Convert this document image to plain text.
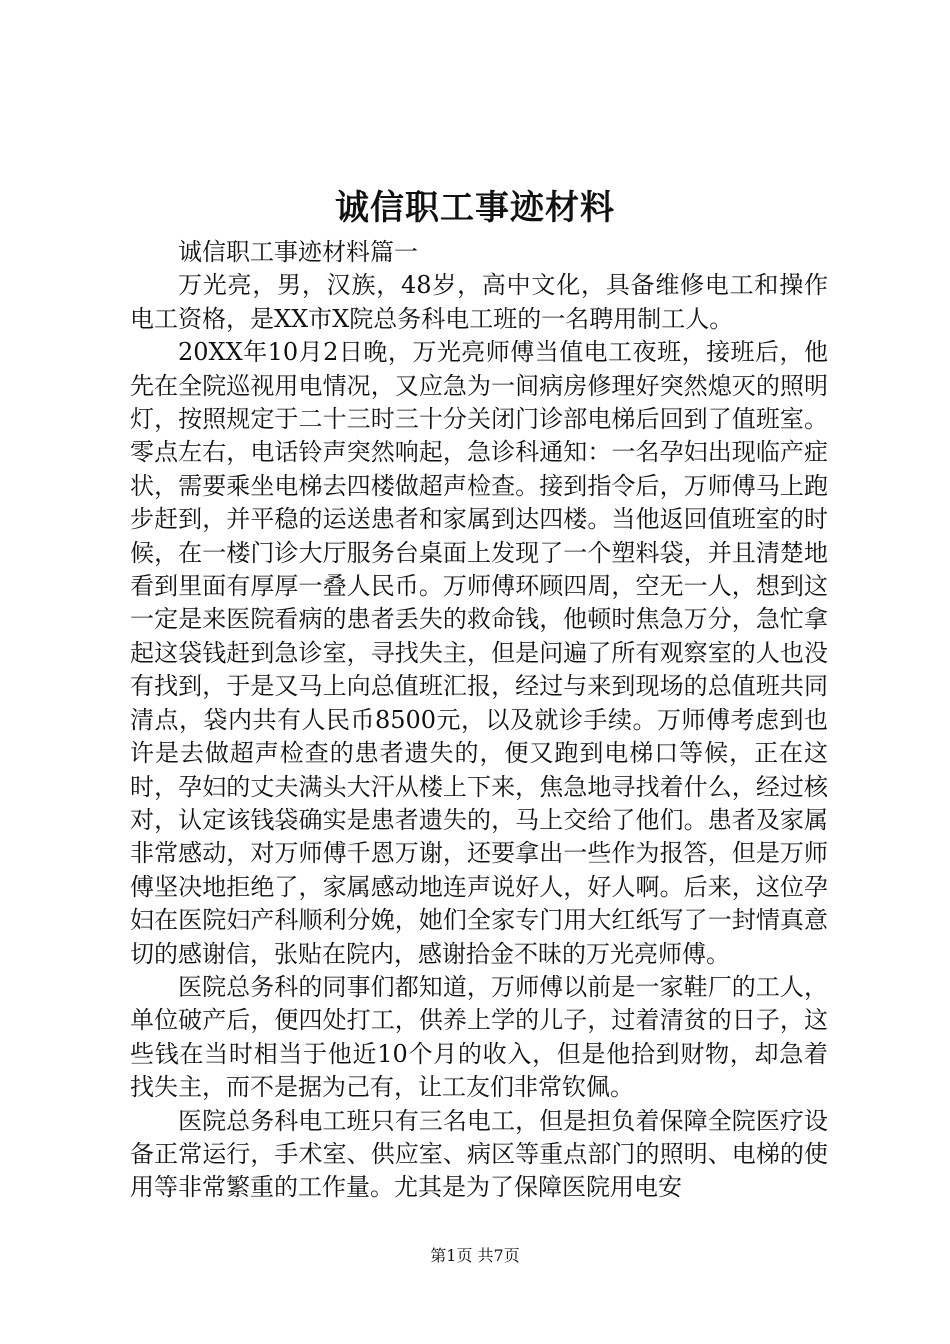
诚信职工事迹材料

诚信职工事迹材料篇一

万光亮，男，汉族，48岁，高中文化，具备维修电工和操作电工资格，是XX市X院总务科电工班的一名聘用制工人。

20XX年10月2日晚，万光亮师傅当值电工夜班，接班后，他先在全院巡视用电情况，又应急为一间病房修理好突然熄灭的照明灯，按照规定于二十三时三十分关闭门诊部电梯后回到了值班室。零点左右，电话铃声突然响起，急诊科通知：一名孕妇出现临产症状，需要乘坐电梯去四楼做超声检查。接到指令后，万师傅马上跑步赶到，并平稳的运送患者和家属到达四楼。当他返回值班室的时候，在一楼门诊大厅服务台桌面上发现了一个塑料袋，并且清楚地看到里面有厚厚一叠人民币。万师傅环顾四周，空无一人，想到这一定是来医院看病的患者丢失的救命钱，他顿时焦急万分，急忙拿起这袋钱赶到急诊室，寻找失主，但是问遍了所有观察室的人也没有找到，于是又马上向总值班汇报，经过与来到现场的总值班共同清点，袋内共有人民币8500元，以及就诊手续。万师傅考虑到也许是去做超声检查的患者遗失的，便又跑到电梯口等候，正在这时，孕妇的丈夫满头大汗从楼上下来，焦急地寻找着什么，经过核对，认定该钱袋确实是患者遗失的，马上交给了他们。患者及家属非常感动，对万师傅千恩万谢，还要拿出一些作为报答，但是万师傅坚决地拒绝了，家属感动地连声说好人，好人啊。后来，这位孕妇在医院妇产科顺利分娩，她们全家专门用大红纸写了一封情真意切的感谢信，张贴在院内，感谢拾金不昧的万光亮师傅。

医院总务科的同事们都知道，万师傅以前是一家鞋厂的工人，单位破产后，便四处打工，供养上学的儿子，过着清贫的日子，这些钱在当时相当于他近10个月的收入，但是他拾到财物，却急着找失主，而不是据为己有，让工友们非常钦佩。

医院总务科电工班只有三名电工，但是担负着保障全院医疗设备正常运行，手术室、供应室、病区等重点部门的照明、电梯的使用等非常繁重的工作量。尤其是为了保障医院用电安

第1页 共7页
